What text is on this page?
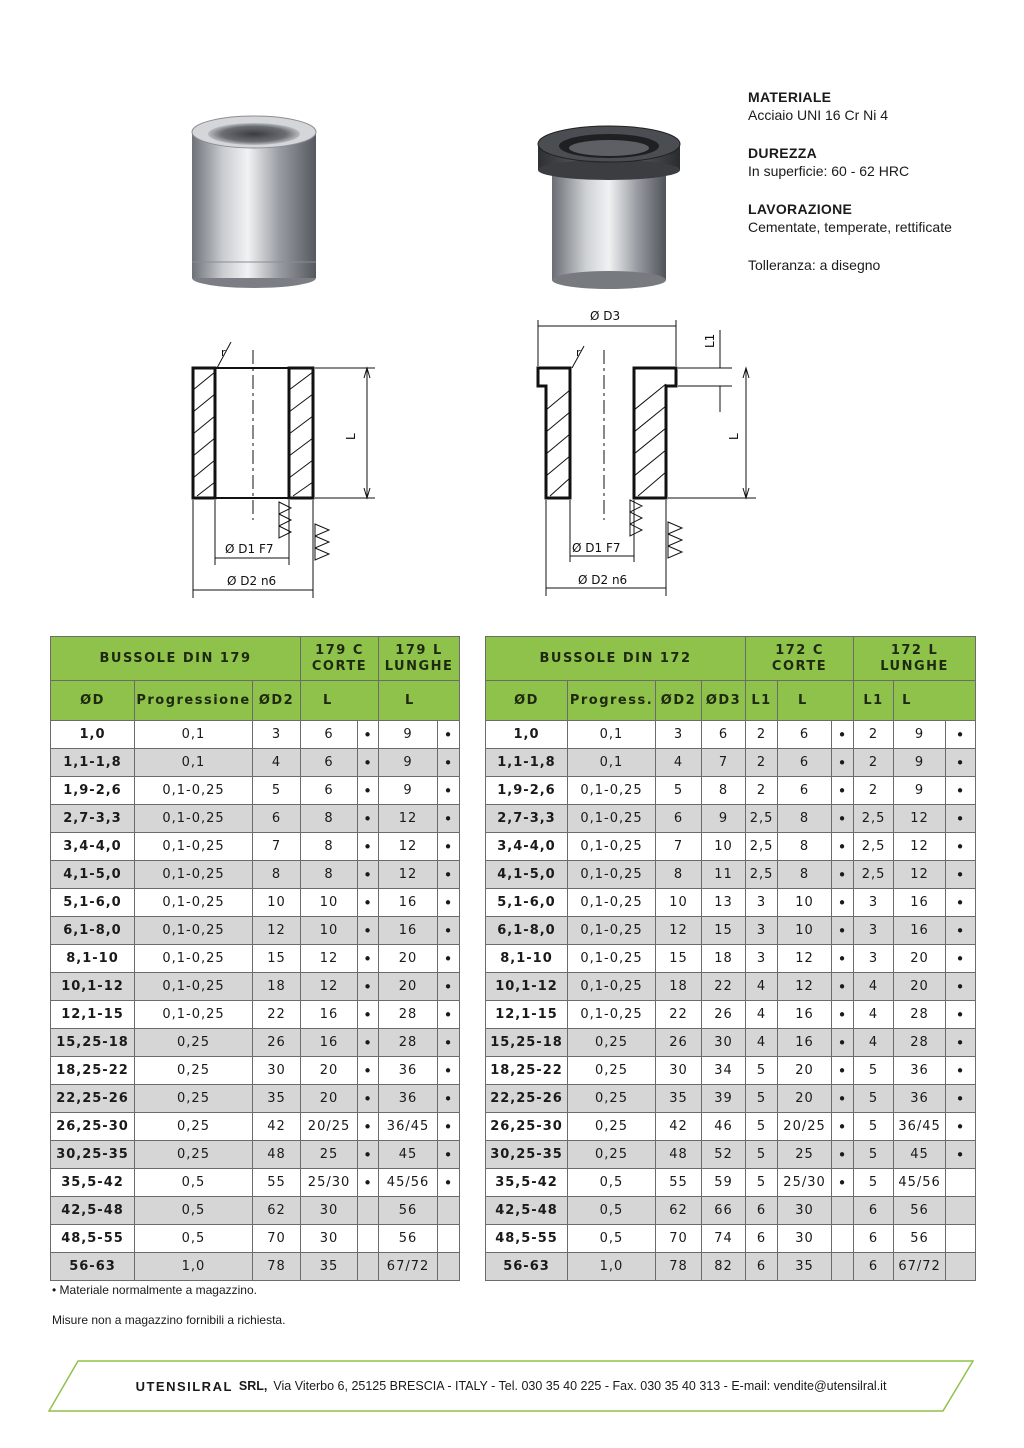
MATERIALE
Acciaio UNI 16 Cr Ni 4
DUREZZA
In superficie: 60 - 62 HRC
LAVORAZIONE
Cementate, temperate, rettificate
Tolleranza: a disegno
r
L
Ø D1 F7
Ø D2 n6
Ø D3
r
L1
L
Ø D1 F7
Ø D2 n6
BUSSOLE DIN 179			179 C
CORTE		179 L
LUNGHE	
ØD	Progressione	ØD2	L		L	
1,0	0,1	3	6	•	9	•
1,1-1,8	0,1	4	6	•	9	•
1,9-2,6	0,1-0,25	5	6	•	9	•
2,7-3,3	0,1-0,25	6	8	•	12	•
3,4-4,0	0,1-0,25	7	8	•	12	•
4,1-5,0	0,1-0,25	8	8	•	12	•
5,1-6,0	0,1-0,25	10	10	•	16	•
6,1-8,0	0,1-0,25	12	10	•	16	•
8,1-10	0,1-0,25	15	12	•	20	•
10,1-12	0,1-0,25	18	12	•	20	•
12,1-15	0,1-0,25	22	16	•	28	•
15,25-18	0,25	26	16	•	28	•
18,25-22	0,25	30	20	•	36	•
22,25-26	0,25	35	20	•	36	•
26,25-30	0,25	42	20/25	•	36/45	•
30,25-35	0,25	48	25	•	45	•
35,5-42	0,5	55	25/30	•	45/56	•
42,5-48	0,5	62	30		56	
48,5-55	0,5	70	30		56	
56-63	1,0	78	35		67/72	
BUSSOLE DIN 172				172 C
CORTE			172 L
LUNGHE		
ØD	Progress.	ØD2	ØD3	L1	L		L1	L	
1,0	0,1	3	6	2	6	•	2	9	•
1,1-1,8	0,1	4	7	2	6	•	2	9	•
1,9-2,6	0,1-0,25	5	8	2	6	•	2	9	•
2,7-3,3	0,1-0,25	6	9	2,5	8	•	2,5	12	•
3,4-4,0	0,1-0,25	7	10	2,5	8	•	2,5	12	•
4,1-5,0	0,1-0,25	8	11	2,5	8	•	2,5	12	•
5,1-6,0	0,1-0,25	10	13	3	10	•	3	16	•
6,1-8,0	0,1-0,25	12	15	3	10	•	3	16	•
8,1-10	0,1-0,25	15	18	3	12	•	3	20	•
10,1-12	0,1-0,25	18	22	4	12	•	4	20	•
12,1-15	0,1-0,25	22	26	4	16	•	4	28	•
15,25-18	0,25	26	30	4	16	•	4	28	•
18,25-22	0,25	30	34	5	20	•	5	36	•
22,25-26	0,25	35	39	5	20	•	5	36	•
26,25-30	0,25	42	46	5	20/25	•	5	36/45	•
30,25-35	0,25	48	52	5	25	•	5	45	•
35,5-42	0,5	55	59	5	25/30	•	5	45/56	
42,5-48	0,5	62	66	6	30		6	56	
48,5-55	0,5	70	74	6	30		6	56	
56-63	1,0	78	82	6	35		6	67/72	
• Materiale normalmente a magazzino.
Misure non a magazzino fornibili a richiesta.
UTENSILRAL SRL, Via Viterbo 6, 25125 BRESCIA - ITALY - Tel. 030 35 40 225 - Fax. 030 35 40 313 - E-mail: vendite@utensilral.it
